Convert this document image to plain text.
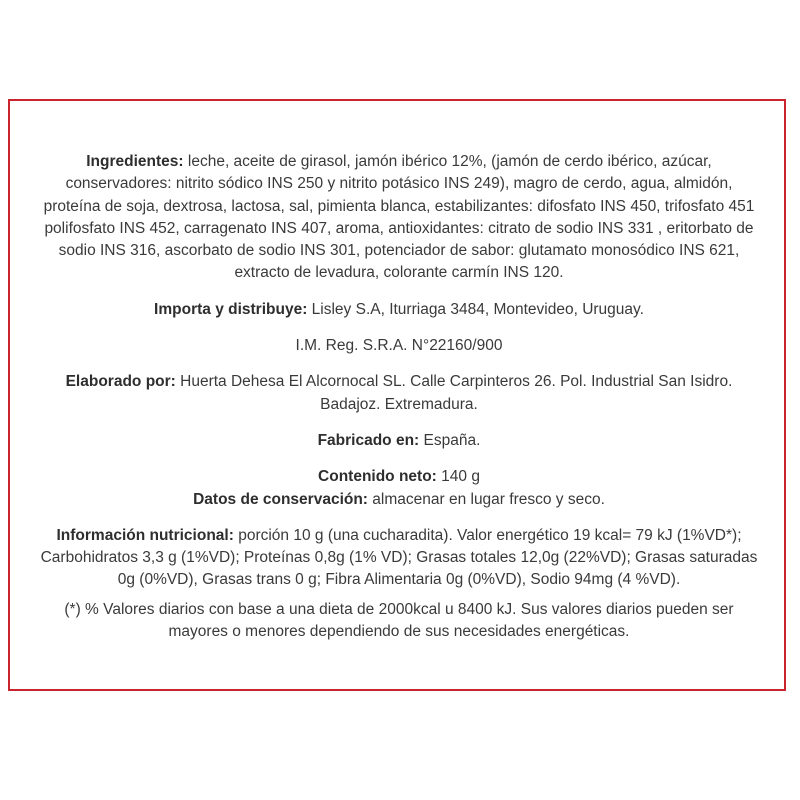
Ingredientes: leche, aceite de girasol, jamón ibérico 12%, (jamón de cerdo ibérico, azúcar, conservadores: nitrito sódico INS 250 y nitrito potásico INS 249), magro de cerdo, agua, almidón, proteína de soja, dextrosa, lactosa, sal, pimienta blanca, estabilizantes: difosfato INS 450, trifosfato 451 polifosfato INS 452, carragenato INS 407, aroma, antioxidantes: citrato de sodio INS 331 , eritorbato de sodio INS 316, ascorbato de sodio INS 301, potenciador de sabor: glutamato monosódico INS 621, extracto de levadura, colorante carmín INS 120.

Importa y distribuye: Lisley S.A, Iturriaga 3484, Montevideo, Uruguay.

I.M. Reg. S.R.A. N°22160/900

Elaborado por: Huerta Dehesa El Alcornocal SL. Calle Carpinteros 26. Pol. Industrial San Isidro. Badajoz. Extremadura.

Fabricado en: España.

Contenido neto: 140 g

Datos de conservación: almacenar en lugar fresco y seco.

Información nutricional: porción 10 g (una cucharadita). Valor energético 19 kcal= 79 kJ (1%VD*); Carbohidratos 3,3 g (1%VD); Proteínas 0,8g (1% VD); Grasas totales 12,0g (22%VD); Grasas saturadas 0g (0%VD), Grasas trans 0 g; Fibra Alimentaria 0g (0%VD), Sodio 94mg (4 %VD).

(*) % Valores diarios con base a una dieta de 2000kcal u 8400 kJ. Sus valores diarios pueden ser mayores o menores dependiendo de sus necesidades energéticas.
